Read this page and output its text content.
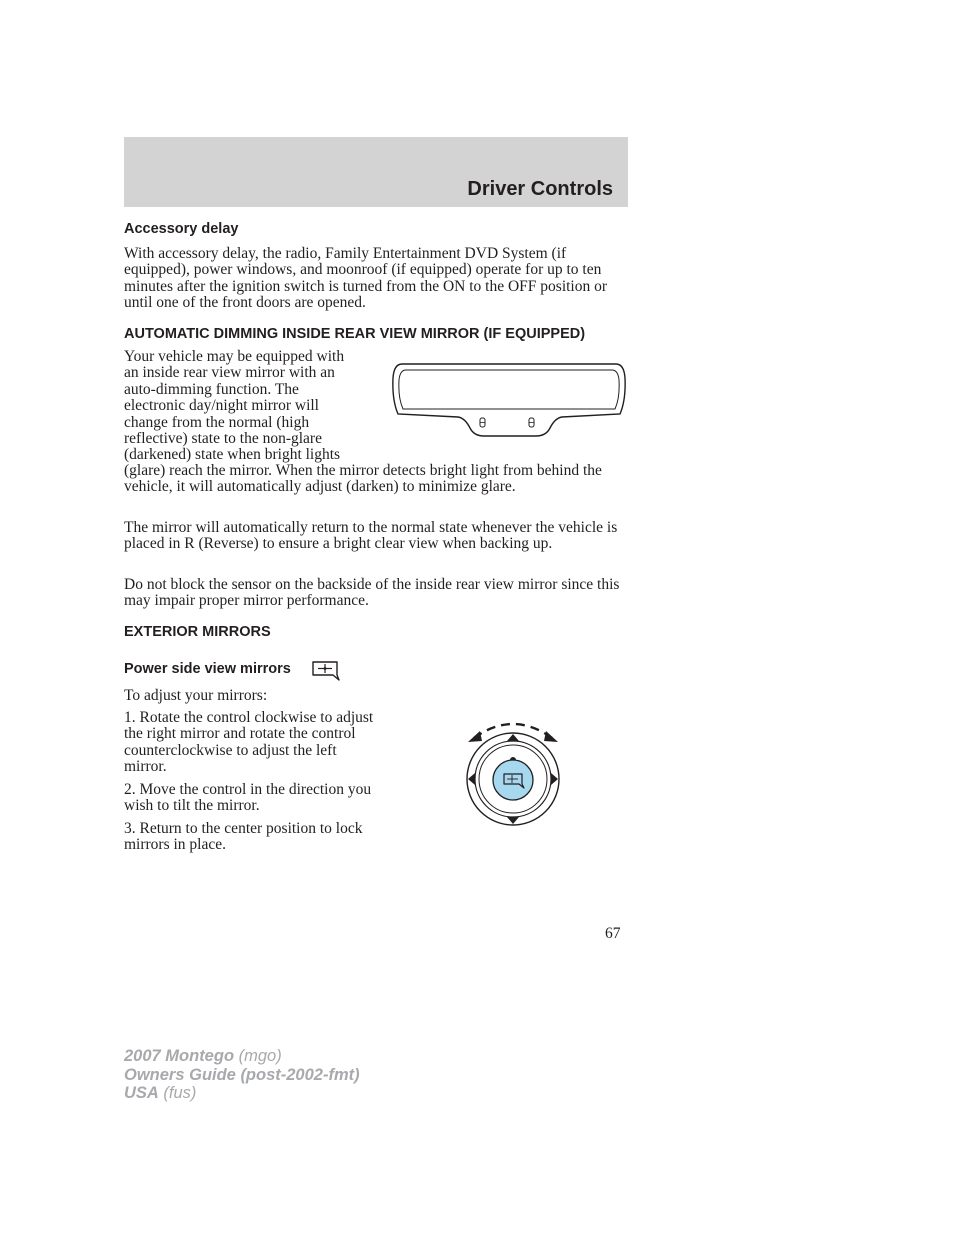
Driver Controls
Accessory delay

With accessory delay, the radio, Family Entertainment DVD System (if equipped), power windows, and moonroof (if equipped) operate for up to ten minutes after the ignition switch is turned from the ON to the OFF position or until one of the front doors are opened.

AUTOMATIC DIMMING INSIDE REAR VIEW MIRROR (IF EQUIPPED)
Your vehicle may be equipped with
an inside rear view mirror with an
auto-dimming function. The
electronic day/night mirror will
change from the normal (high
reflective) state to the non-glare
(darkened) state when bright lights

(glare) reach the mirror. When the mirror detects bright light from behind the vehicle, it will automatically adjust (darken) to minimize glare.

The mirror will automatically return to the normal state whenever the vehicle is placed in R (Reverse) to ensure a bright clear view when backing up.

Do not block the sensor on the backside of the inside rear view mirror since this may impair proper mirror performance.

EXTERIOR MIRRORS
Power side view mirrors

To adjust your mirrors:

1. Rotate the control clockwise to adjust the right mirror and rotate the control counterclockwise to adjust the left mirror.

2. Move the control in the direction you wish to tilt the mirror.

3. Return to the center position to lock mirrors in place.

67
2007 Montego (mgo)
Owners Guide (post-2002-fmt)
USA (fus)
